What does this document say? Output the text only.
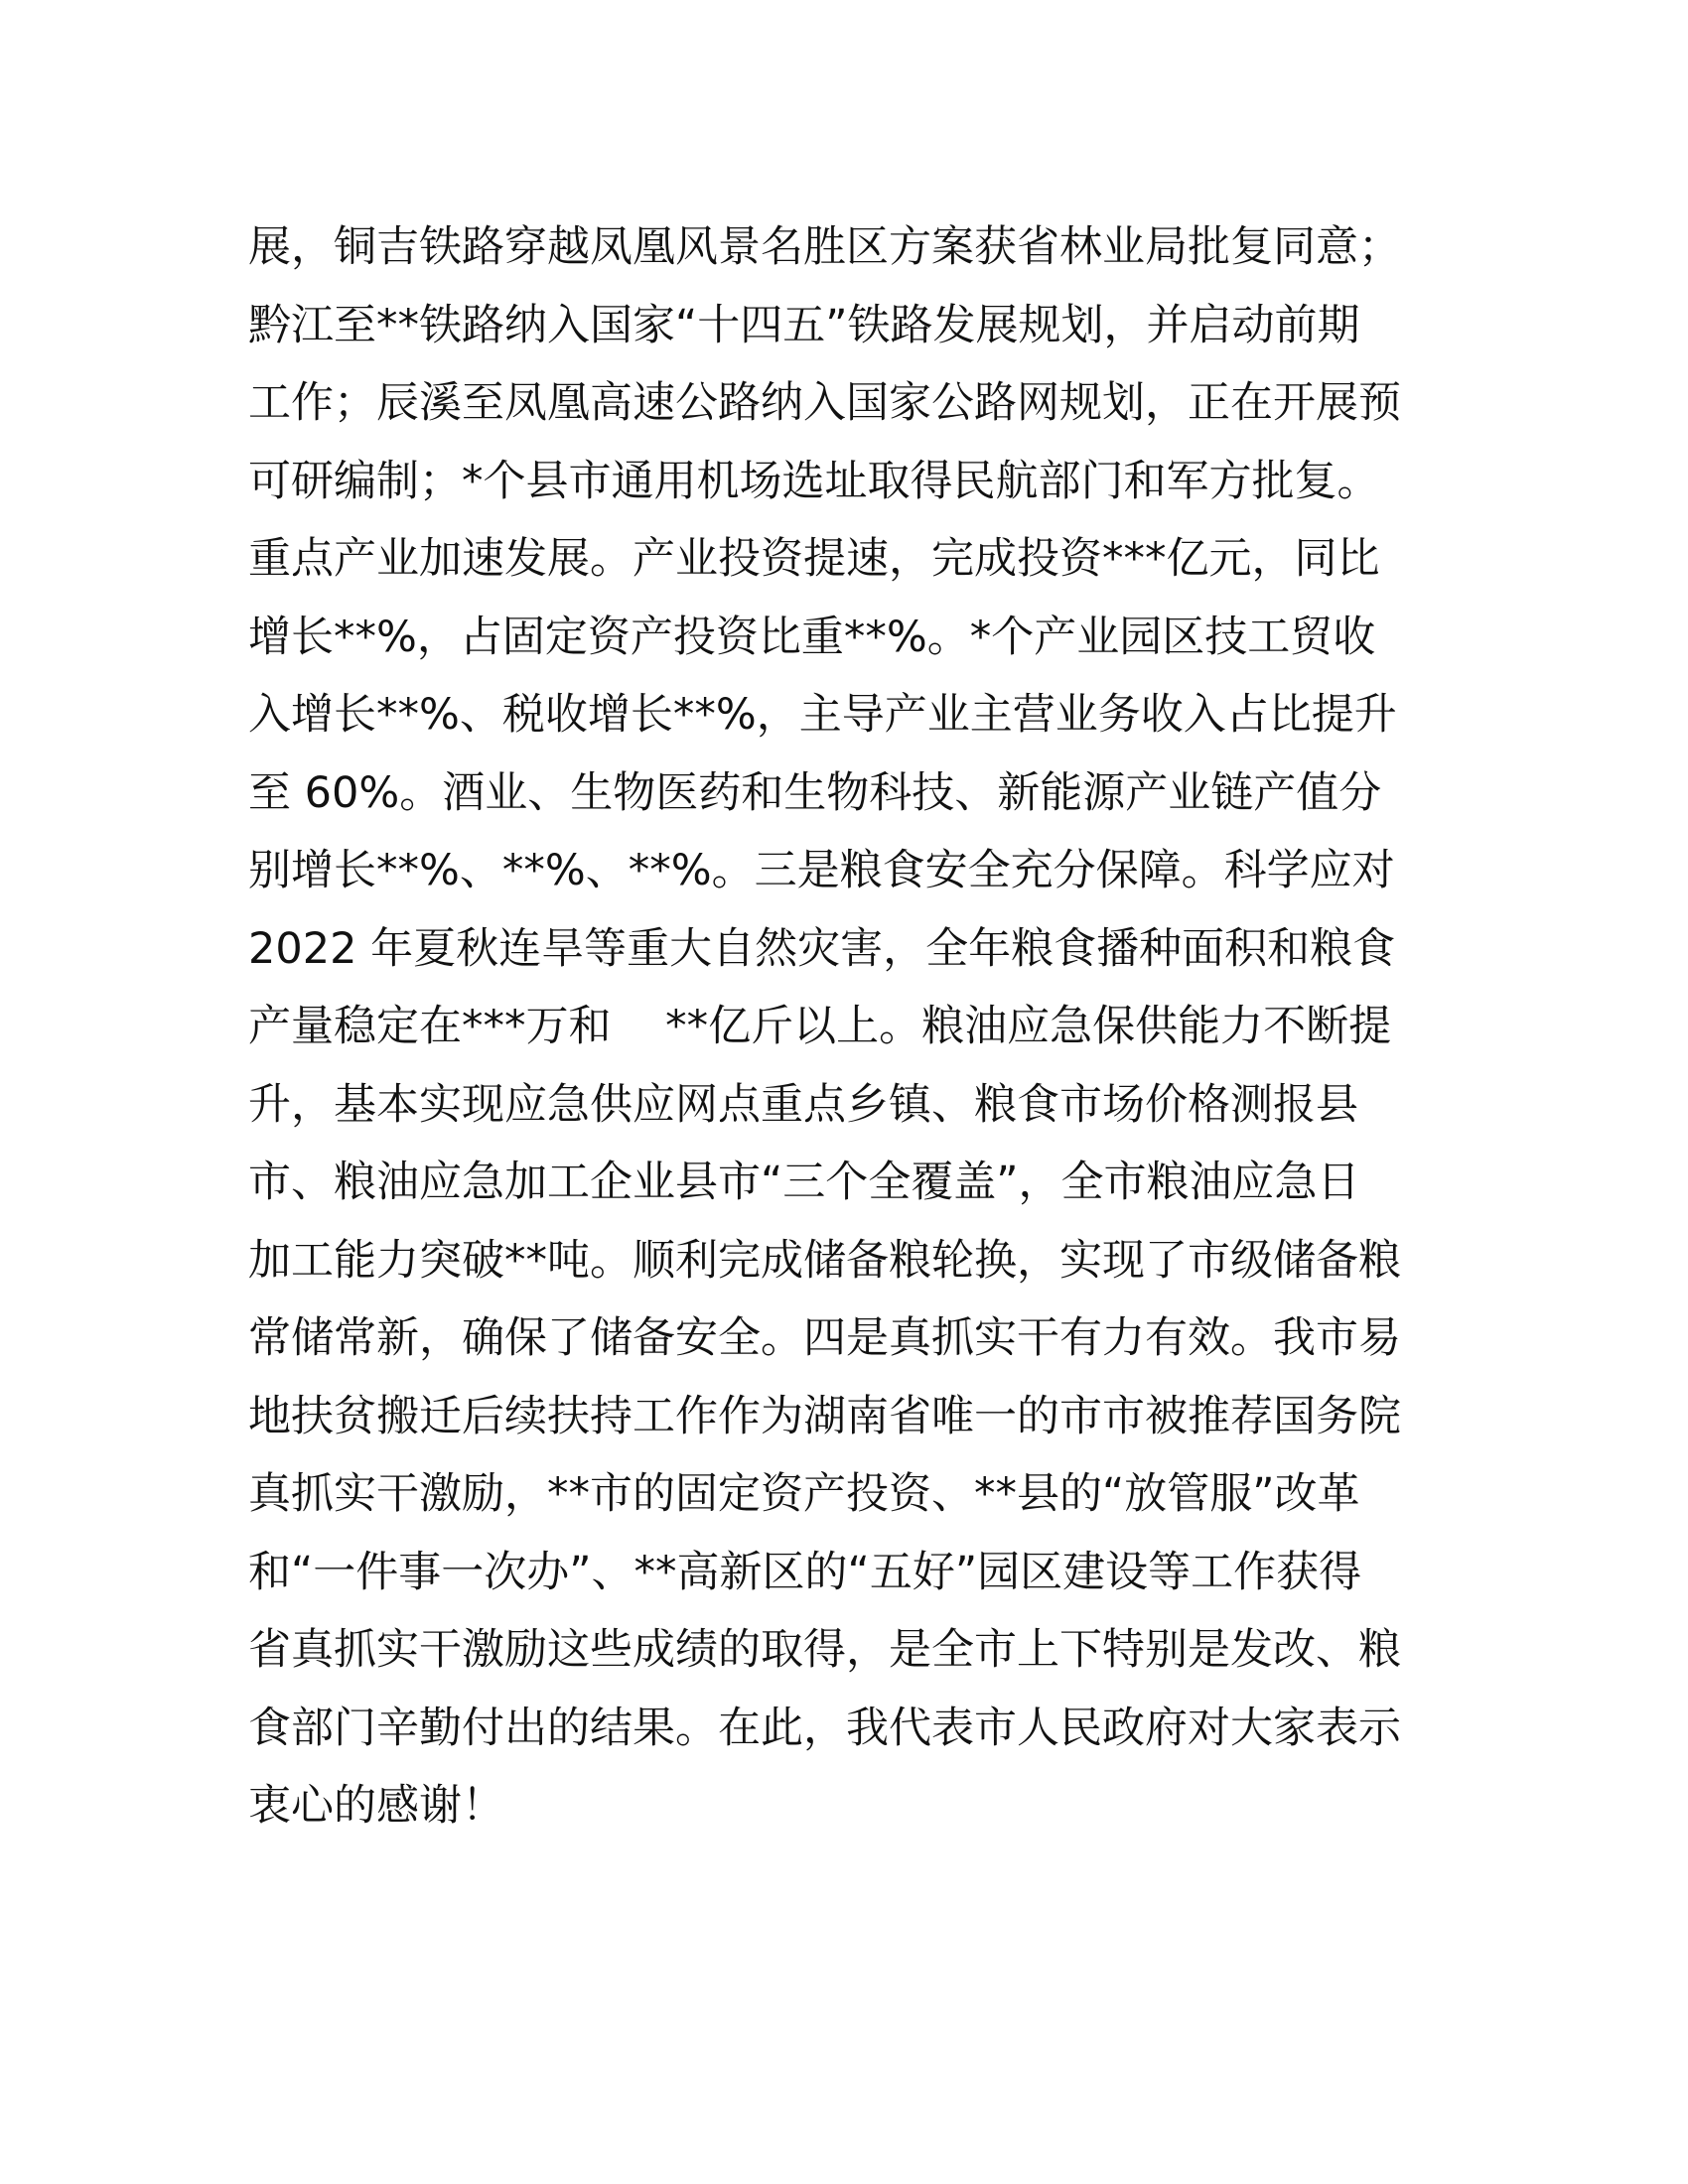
展，铜吉铁路穿越凤凰风景名胜区方案获省林业局批复同意；
黔江至**铁路纳入国家“十四五”铁路发展规划，并启动前期
工作；辰溪至凤凰高速公路纳入国家公路网规划，正在开展预
可研编制；*个县市通用机场选址取得民航部门和军方批复。
重点产业加速发展。产业投资提速，完成投资***亿元，同比
增长**%，占固定资产投资比重**%。*个产业园区技工贸收
入增长**%、税收增长**%，主导产业主营业务收入占比提升
至 60%。酒业、生物医药和生物科技、新能源产业链产值分
别增长**%、**%、**%。三是粮食安全充分保障。科学应对
2022 年夏秋连旱等重大自然灾害，全年粮食播种面积和粮食
产量稳定在***万和    **亿斤以上。粮油应急保供能力不断提
升，基本实现应急供应网点重点乡镇、粮食市场价格测报县
市、粮油应急加工企业县市“三个全覆盖”，全市粮油应急日
加工能力突破**吨。顺利完成储备粮轮换，实现了市级储备粮
常储常新，确保了储备安全。四是真抓实干有力有效。我市易
地扶贫搬迁后续扶持工作作为湖南省唯一的市市被推荐国务院
真抓实干激励，**市的固定资产投资、**县的“放管服”改革
和“一件事一次办”、**高新区的“五好”园区建设等工作获得
省真抓实干激励这些成绩的取得，是全市上下特别是发改、粮
食部门辛勤付出的结果。在此，我代表市人民政府对大家表示
衷心的感谢！
